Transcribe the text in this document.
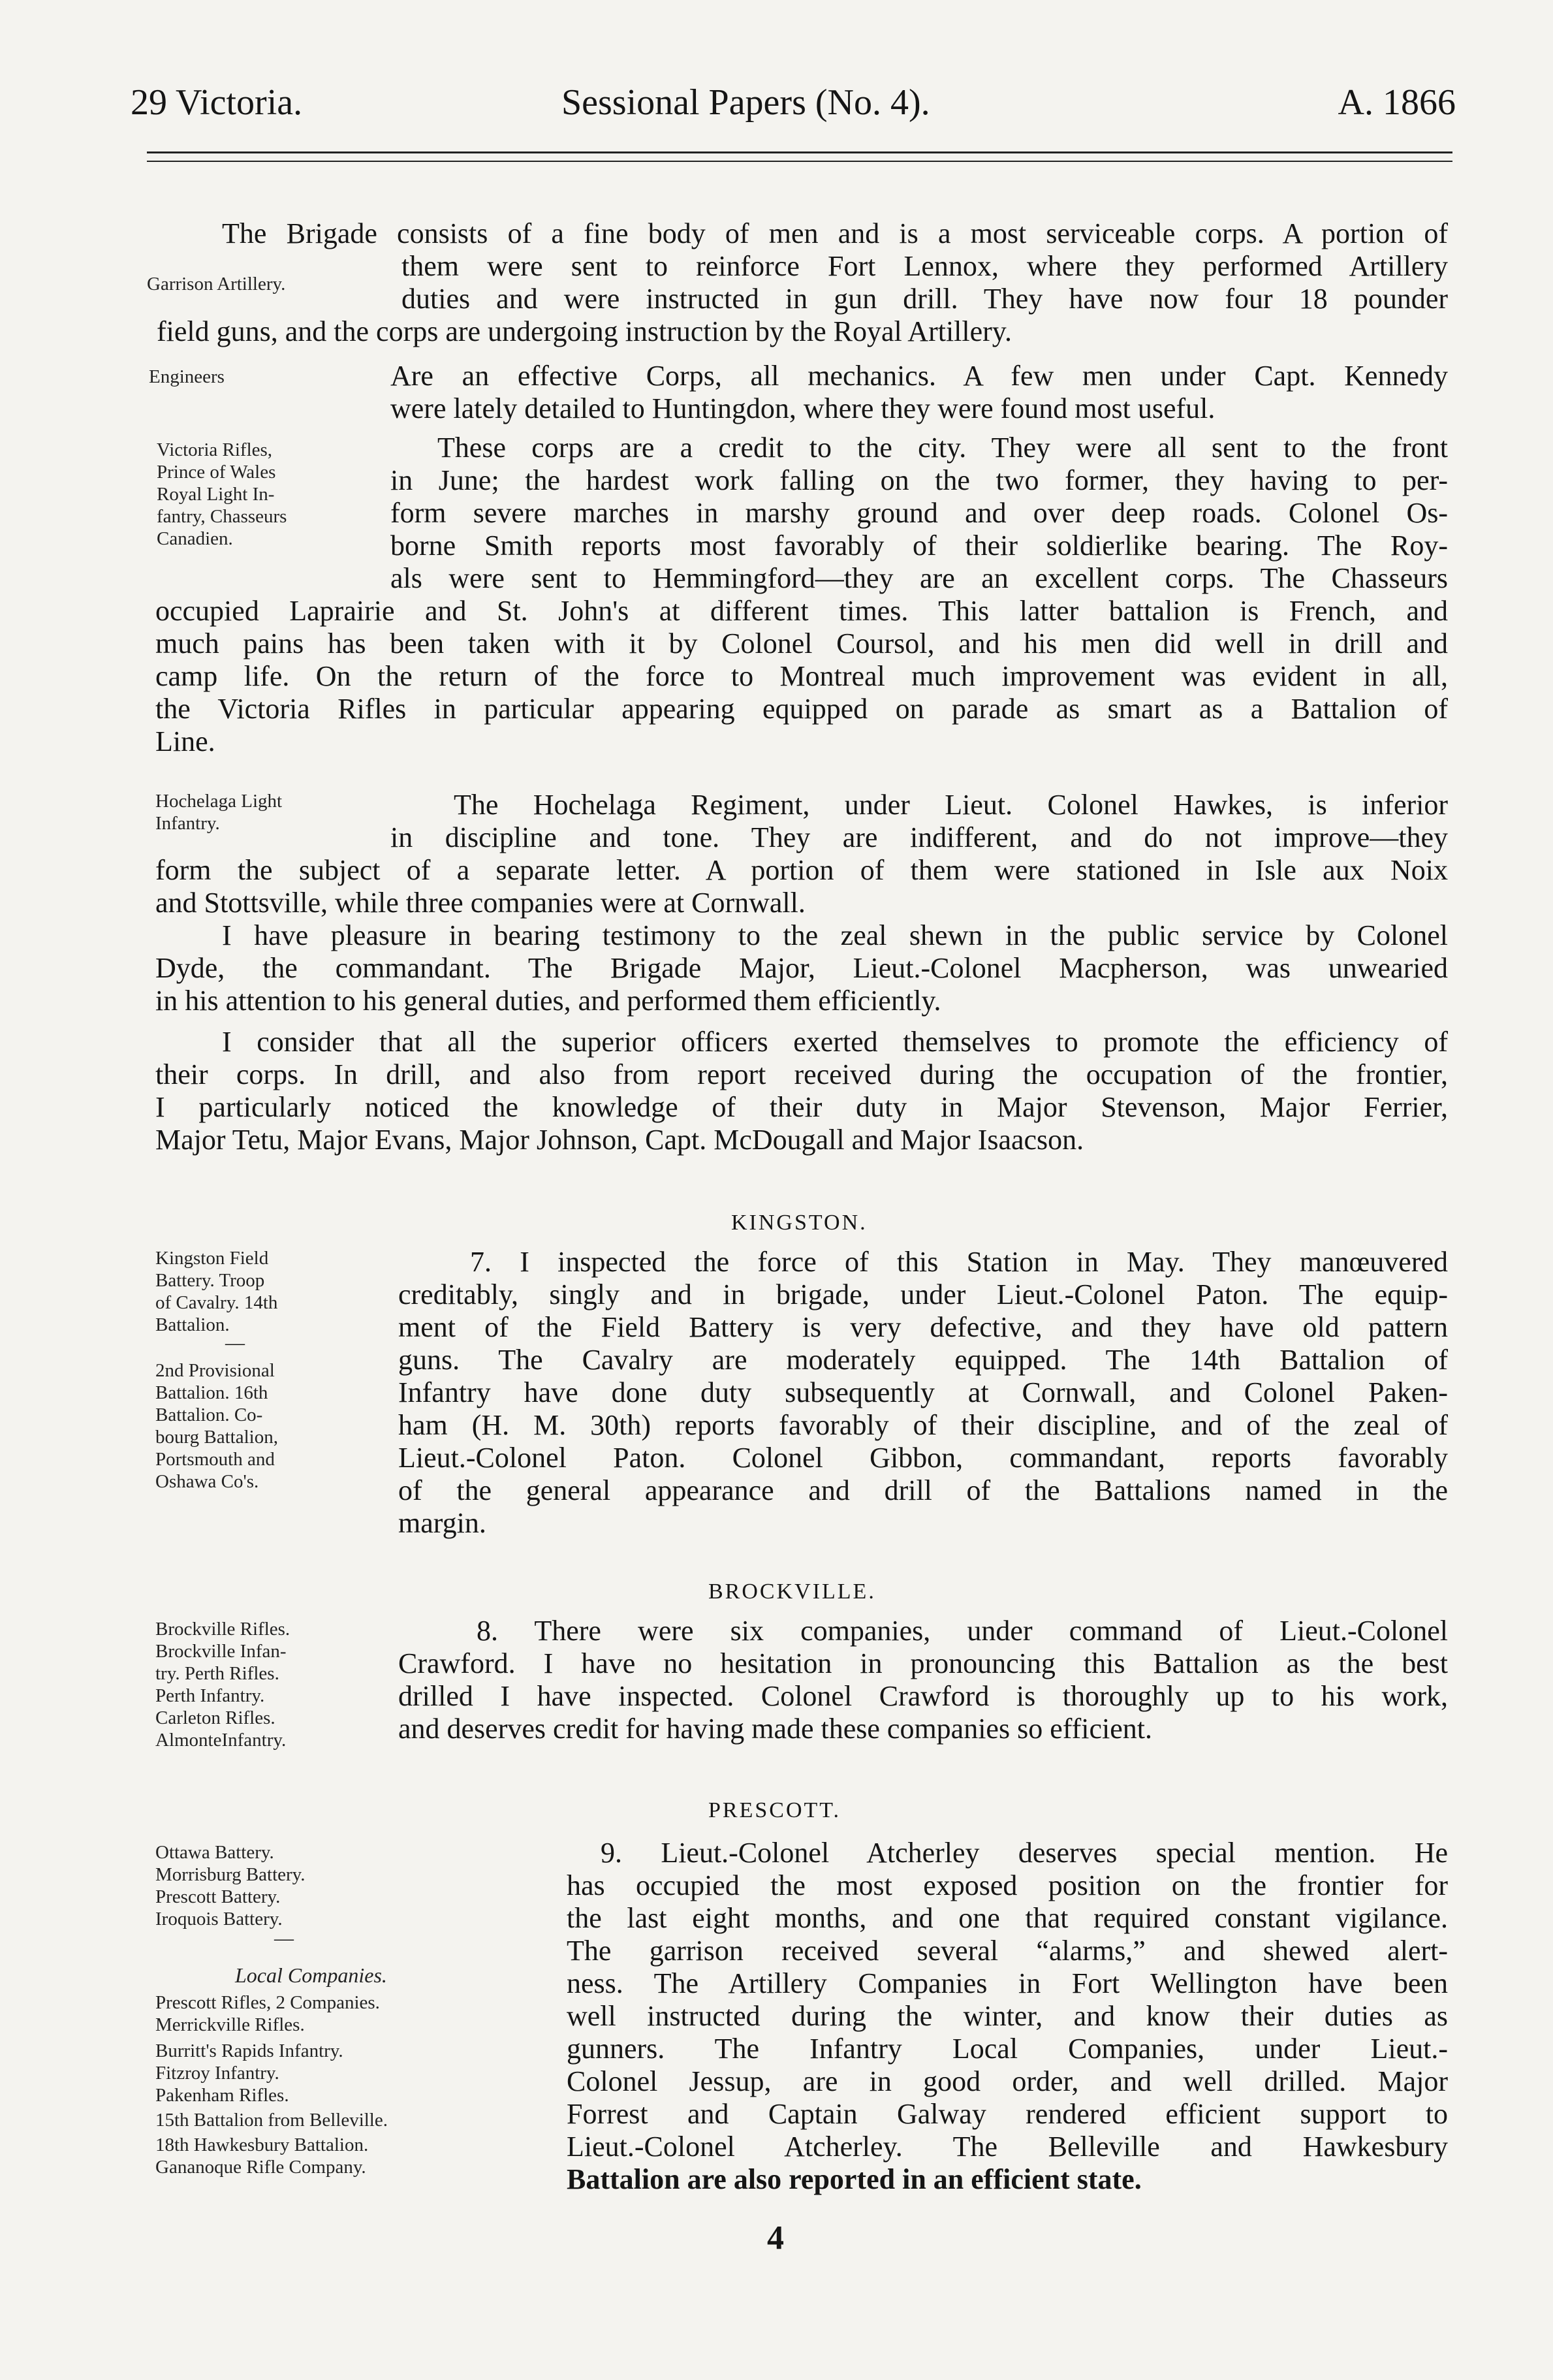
29 Victoria.	Sessional Papers (No. 4).	A. 1866
The Brigade consists of a fine body of men and is a most serviceable corps. A portion of
them were sent to reinforce Fort Lennox, where they performed Artillery
duties and were instructed in gun drill. They have now four 18 pounder
field guns, and the corps are undergoing instruction by the Royal Artillery.
Are an effective Corps, all mechanics. A few men under Capt. Kennedy
were lately detailed to Huntingdon, where they were found most useful.
These corps are a credit to the city. They were all sent to the front
in June; the hardest work falling on the two former, they having to per-
form severe marches in marshy ground and over deep roads. Colonel Os-
borne Smith reports most favorably of their soldierlike bearing. The Roy-
als were sent to Hemmingford—they are an excellent corps. The Chasseurs
occupied Laprairie and St. John's at different times. This latter battalion is French, and
much pains has been taken with it by Colonel Coursol, and his men did well in drill and
camp life. On the return of the force to Montreal much improvement was evident in all,
the Victoria Rifles in particular appearing equipped on parade as smart as a Battalion of
Line.
The Hochelaga Regiment, under Lieut. Colonel Hawkes, is inferior
in discipline and tone. They are indifferent, and do not improve—they
form the subject of a separate letter. A portion of them were stationed in Isle aux Noix
and Stottsville, while three companies were at Cornwall.
I have pleasure in bearing testimony to the zeal shewn in the public service by Colonel
Dyde, the commandant. The Brigade Major, Lieut.-Colonel Macpherson, was unwearied
in his attention to his general duties, and performed them efficiently.
I consider that all the superior officers exerted themselves to promote the efficiency of
their corps. In drill, and also from report received during the occupation of the frontier,
I particularly noticed the knowledge of their duty in Major Stevenson, Major Ferrier,
Major Tetu, Major Evans, Major Johnson, Capt. McDougall and Major Isaacson.
KINGSTON.
7. I inspected the force of this Station in May. They manœuvered
creditably, singly and in brigade, under Lieut.-Colonel Paton. The equip-
ment of the Field Battery is very defective, and they have old pattern
guns. The Cavalry are moderately equipped. The 14th Battalion of
Infantry have done duty subsequently at Cornwall, and Colonel Paken-
ham (H. M. 30th) reports favorably of their discipline, and of the zeal of
Lieut.-Colonel Paton. Colonel Gibbon, commandant, reports favorably
of the general appearance and drill of the Battalions named in the
margin.
BROCKVILLE.
8. There were six companies, under command of Lieut.-Colonel
Crawford. I have no hesitation in pronouncing this Battalion as the best
drilled I have inspected. Colonel Crawford is thoroughly up to his work,
and deserves credit for having made these companies so efficient.
PRESCOTT.
9. Lieut.-Colonel Atcherley deserves special mention. He
has occupied the most exposed position on the frontier for
the last eight months, and one that required constant vigilance.
The garrison received several “alarms,” and shewed alert-
ness. The Artillery Companies in Fort Wellington have been
well instructed during the winter, and know their duties as
gunners. The Infantry Local Companies, under Lieut.-
Colonel Jessup, are in good order, and well drilled. Major
Forrest and Captain Galway rendered efficient support to
Lieut.-Colonel Atcherley. The Belleville and Hawkesbury
Battalion are also reported in an efficient state.
Garrison Artillery.
Engineers
Victoria Rifles,
Prince of Wales
Royal Light In-
fantry, Chasseurs
Canadien.
Hochelaga Light
Infantry.
Kingston Field
Battery. Troop
of Cavalry. 14th
Battalion.
—
2nd Provisional
Battalion. 16th
Battalion. Co-
bourg Battalion,
Portsmouth and
Oshawa Co's.
Brockville Rifles.
Brockville Infan-
try. Perth Rifles.
Perth Infantry.
Carleton Rifles.
AlmonteInfantry.
Ottawa Battery.
Morrisburg Battery.
Prescott Battery.
Iroquois Battery.
—
Local Companies.
Prescott Rifles, 2 Companies.
Merrickville Rifles.
Burritt's Rapids Infantry.
Fitzroy Infantry.
Pakenham Rifles.
15th Battalion from Belleville.
18th Hawkesbury Battalion.
Gananoque Rifle Company.
4
